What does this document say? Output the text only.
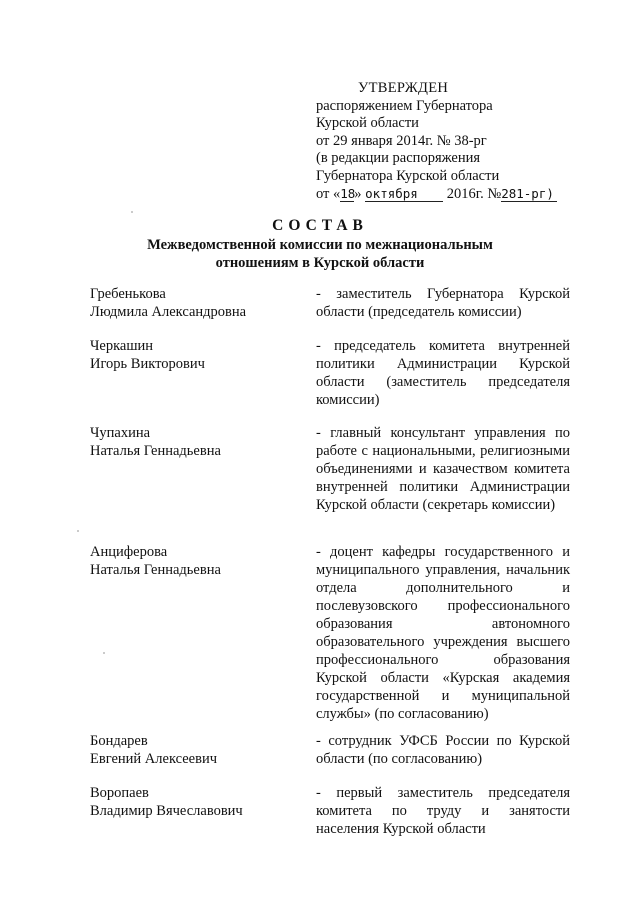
УТВЕРЖДЕН
распоряжением Губернатора
Курской области
от 29 января 2014г. № 38-рг
(в редакции распоряжения
Губернатора Курской области
от «18» октября 2016г. №281-рг)
СОСТАВ
Межведомственной комиссии по межнациональным
отношениям в Курской области
Гребенькова
Людмила Александровна
- заместитель Губернатора Курской области (председатель комиссии)
Черкашин
Игорь Викторович
- председатель комитета внутренней политики Администрации Курской области (заместитель председателя комиссии)
Чупахина
Наталья Геннадьевна
- главный консультант управления по работе с национальными, религиозными объединениями и казачеством комитета внутренней политики Администрации Курской области (секретарь комиссии)
Анциферова
Наталья Геннадьевна
- доцент кафедры государственного и муниципального управления, начальник отдела дополнительного и послевузовского профессионального образования автономного образовательного учреждения высшего профессионального образования Курской области «Курская академия государственной и муниципальной службы» (по согласованию)
Бондарев
Евгений Алексеевич
- сотрудник УФСБ России по Курской области (по согласованию)
Воропаев
Владимир Вячеславович
- первый заместитель председателя комитета по труду и занятости населения Курской области
